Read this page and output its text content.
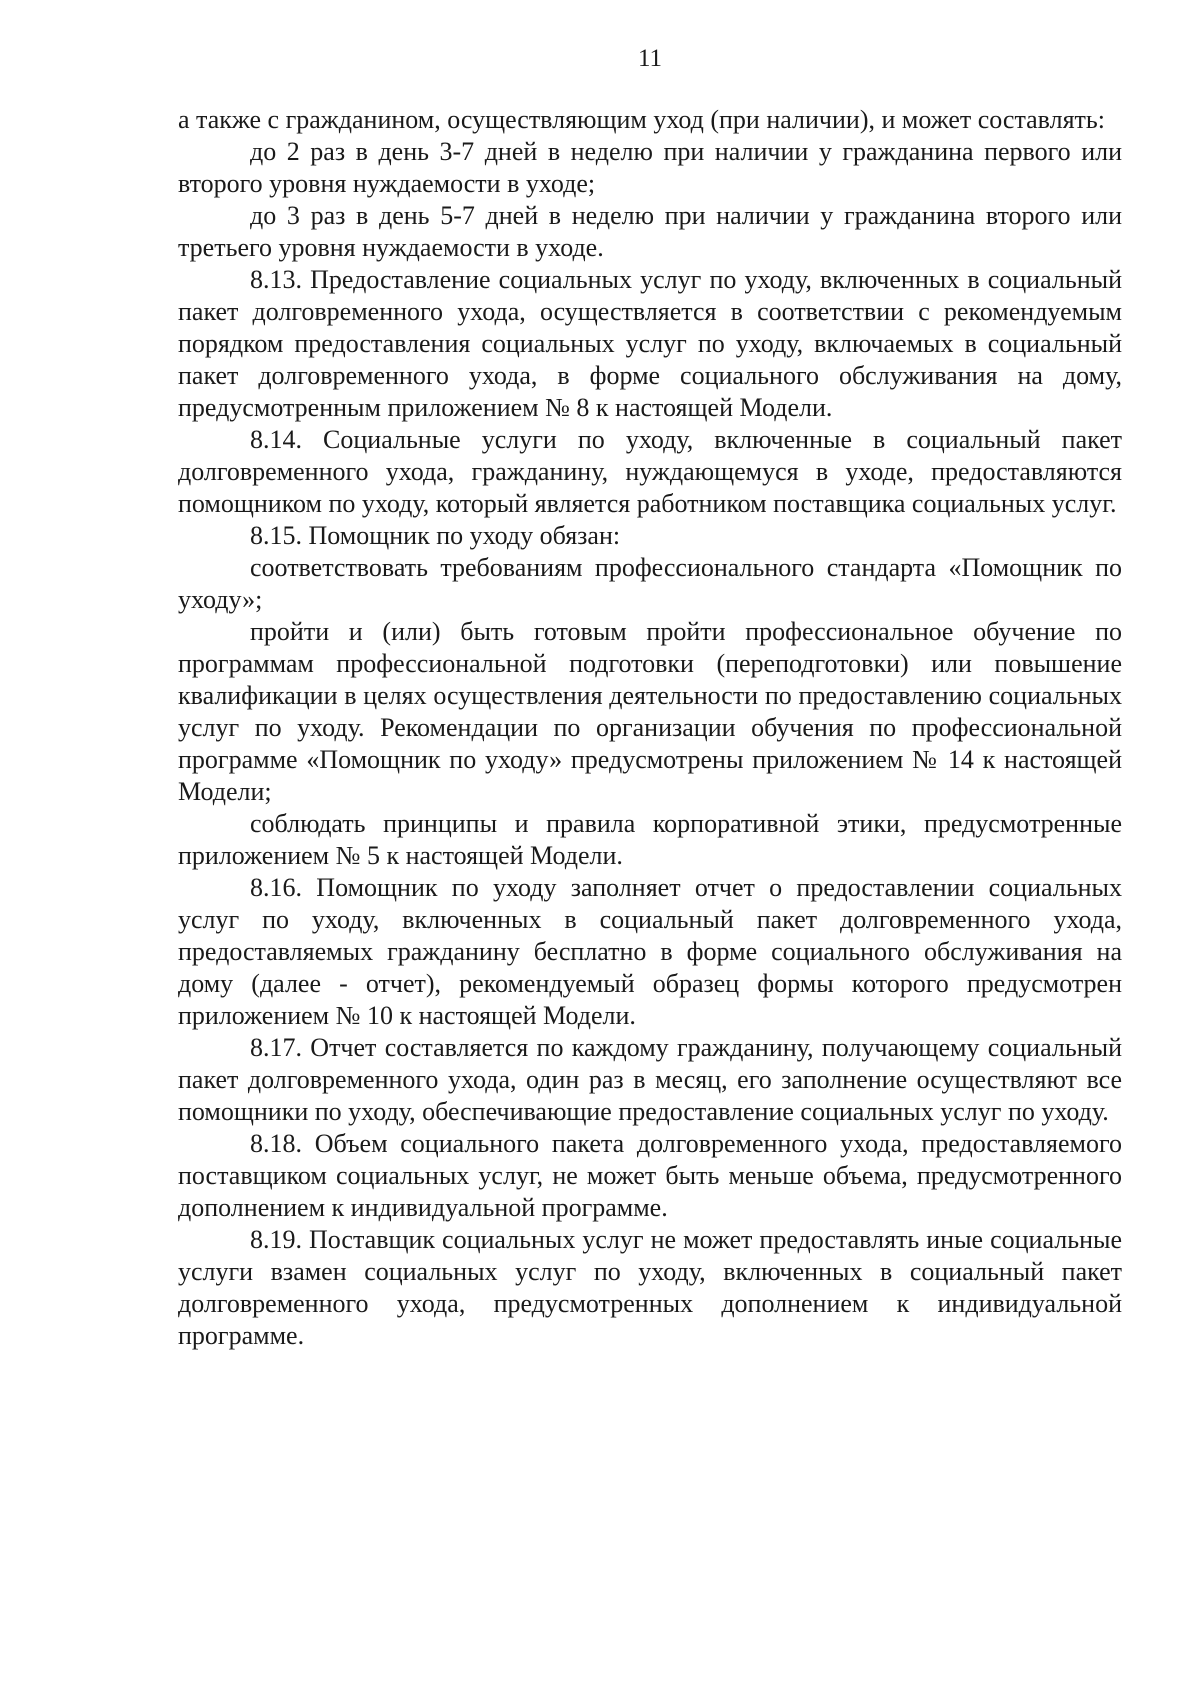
11

а также с гражданином, осуществляющим уход (при наличии), и может составлять:

до 2 раз в день 3-7 дней в неделю при наличии у гражданина первого или второго уровня нуждаемости в уходе;

до 3 раз в день 5-7 дней в неделю при наличии у гражданина второго или третьего уровня нуждаемости в уходе.

8.13. Предоставление социальных услуг по уходу, включенных в социальный пакет долговременного ухода, осуществляется в соответствии с рекомендуемым порядком предоставления социальных услуг по уходу, включаемых в социальный пакет долговременного ухода, в форме социального обслуживания на дому, предусмотренным приложением № 8 к настоящей Модели.

8.14. Социальные услуги по уходу, включенные в социальный пакет долговременного ухода, гражданину, нуждающемуся в уходе, предоставляются помощником по уходу, который является работником поставщика социальных услуг.

8.15. Помощник по уходу обязан:

соответствовать требованиям профессионального стандарта «Помощник по уходу»;

пройти и (или) быть готовым пройти профессиональное обучение по программам профессиональной подготовки (переподготовки) или повышение квалификации в целях осуществления деятельности по предоставлению социальных услуг по уходу. Рекомендации по организации обучения по профессиональной программе «Помощник по уходу» предусмотрены приложением № 14 к настоящей Модели;

соблюдать принципы и правила корпоративной этики, предусмотренные приложением № 5 к настоящей Модели.

8.16. Помощник по уходу заполняет отчет о предоставлении социальных услуг по уходу, включенных в социальный пакет долговременного ухода, предоставляемых гражданину бесплатно в форме социального обслуживания на дому (далее - отчет), рекомендуемый образец формы которого предусмотрен приложением № 10 к настоящей Модели.

8.17. Отчет составляется по каждому гражданину, получающему социальный пакет долговременного ухода, один раз в месяц, его заполнение осуществляют все помощники по уходу, обеспечивающие предоставление социальных услуг по уходу.

8.18. Объем социального пакета долговременного ухода, предоставляемого поставщиком социальных услуг, не может быть меньше объема, предусмотренного дополнением к индивидуальной программе.

8.19. Поставщик социальных услуг не может предоставлять иные социальные услуги взамен социальных услуг по уходу, включенных в социальный пакет долговременного ухода, предусмотренных дополнением к индивидуальной программе.
